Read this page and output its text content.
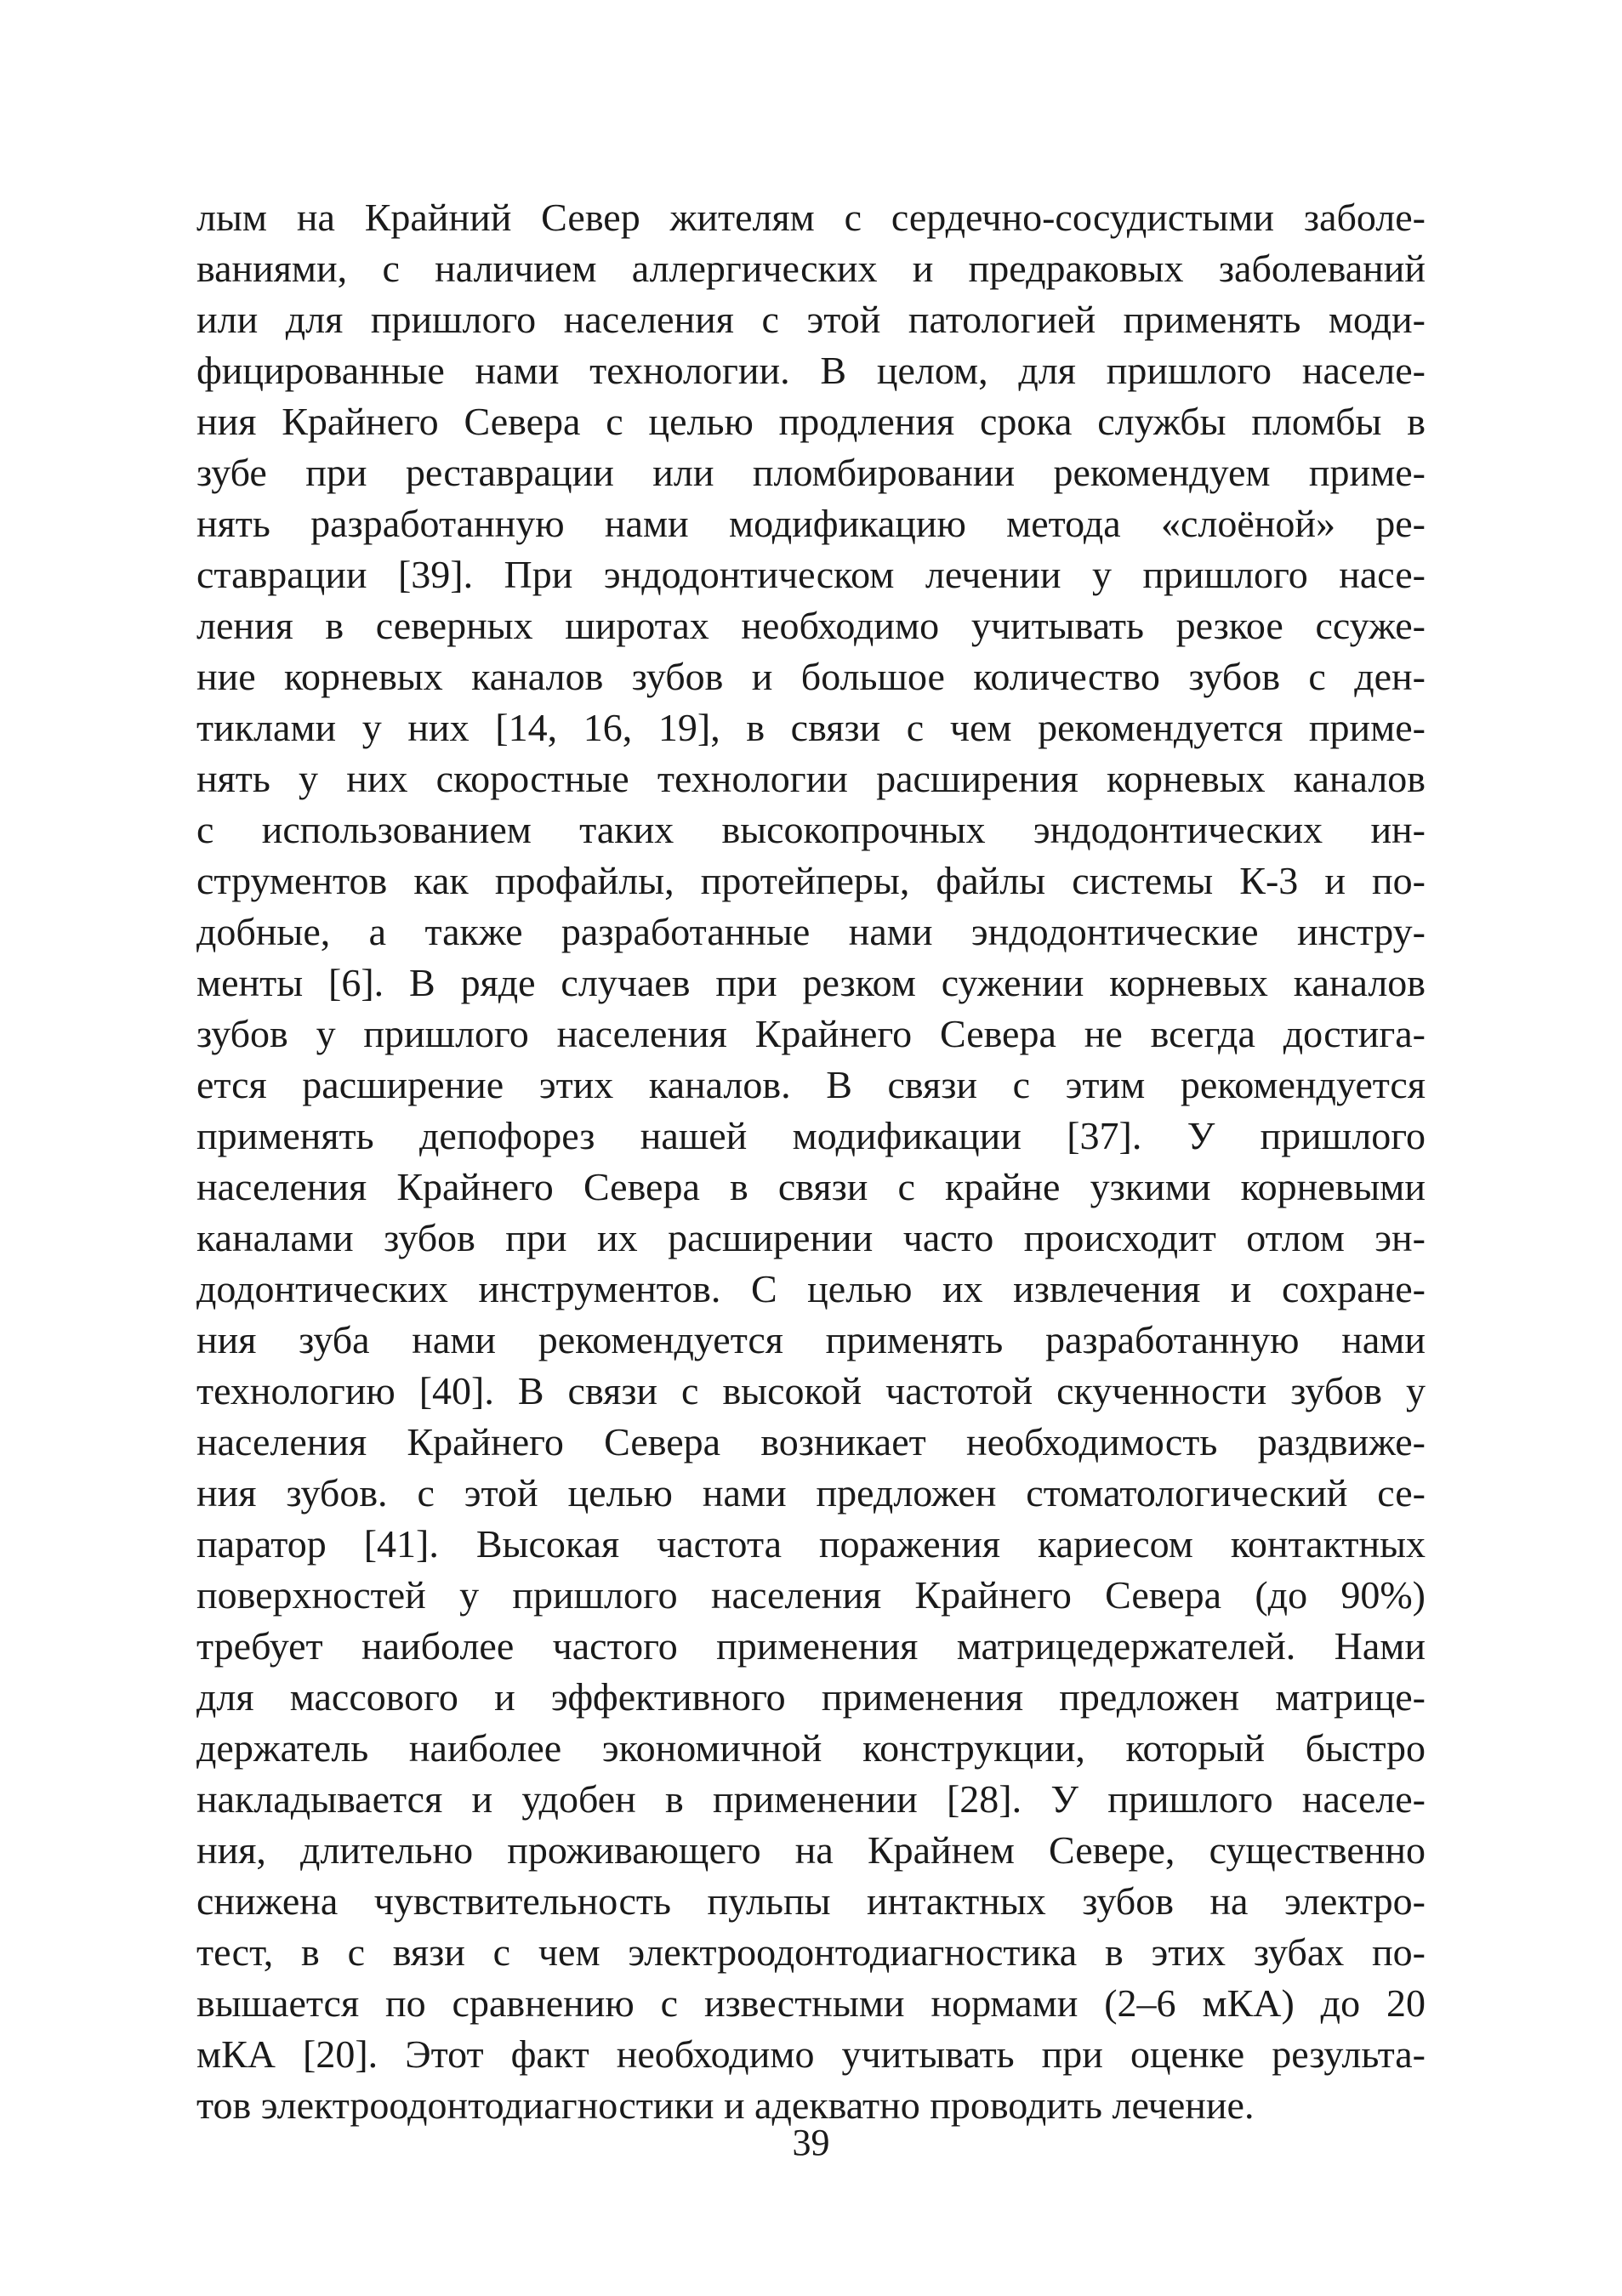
лым на Крайний Север жителям с сердечно-сосудистыми заболе-
ваниями, с наличием аллергических и предраковых заболеваний
или для пришлого населения с этой патологией применять моди-
фицированные нами технологии. В целом, для пришлого населе-
ния Крайнего Севера с целью продления срока службы пломбы в
зубе при реставрации или пломбировании рекомендуем приме-
нять разработанную нами модификацию метода «слоёной» ре-
ставрации [39]. При эндодонтическом лечении у пришлого насе-
ления в северных широтах необходимо учитывать резкое ссуже-
ние корневых каналов зубов и большое количество зубов с ден-
тиклами у них [14, 16, 19], в связи с чем рекомендуется приме-
нять у них скоростные технологии расширения корневых каналов
с использованием таких высокопрочных эндодонтических ин-
струментов как профайлы, протейперы, файлы системы К-3 и по-
добные, а также разработанные нами эндодонтические инстру-
менты [6]. В ряде случаев при резком сужении корневых каналов
зубов у пришлого населения Крайнего Севера не всегда достига-
ется расширение этих каналов. В связи с этим рекомендуется
применять депофорез нашей модификации [37]. У пришлого
населения Крайнего Севера в связи с крайне узкими корневыми
каналами зубов при их расширении часто происходит отлом эн-
додонтических инструментов. С целью их извлечения и сохране-
ния зуба нами рекомендуется применять разработанную нами
технологию [40]. В связи с высокой частотой скученности зубов у
населения Крайнего Севера возникает необходимость раздвиже-
ния зубов. с этой целью нами предложен стоматологический се-
паратор [41]. Высокая частота поражения кариесом контактных
поверхностей у пришлого населения Крайнего Севера (до 90%)
требует наиболее частого применения матрицедержателей. Нами
для массового и эффективного применения предложен матрице-
держатель наиболее экономичной конструкции, который быстро
накладывается и удобен в применении [28]. У пришлого населе-
ния, длительно проживающего на Крайнем Севере, существенно
снижена чувствительность пульпы интактных зубов на электро-
тест, в с вязи с чем электроодонтодиагностика в этих зубах по-
вышается по сравнению с известными нормами (2–6 мКА) до 20
мКА [20]. Этот факт необходимо учитывать при оценке результа-
тов электроодонтодиагностики и адекватно проводить лечение.
39
